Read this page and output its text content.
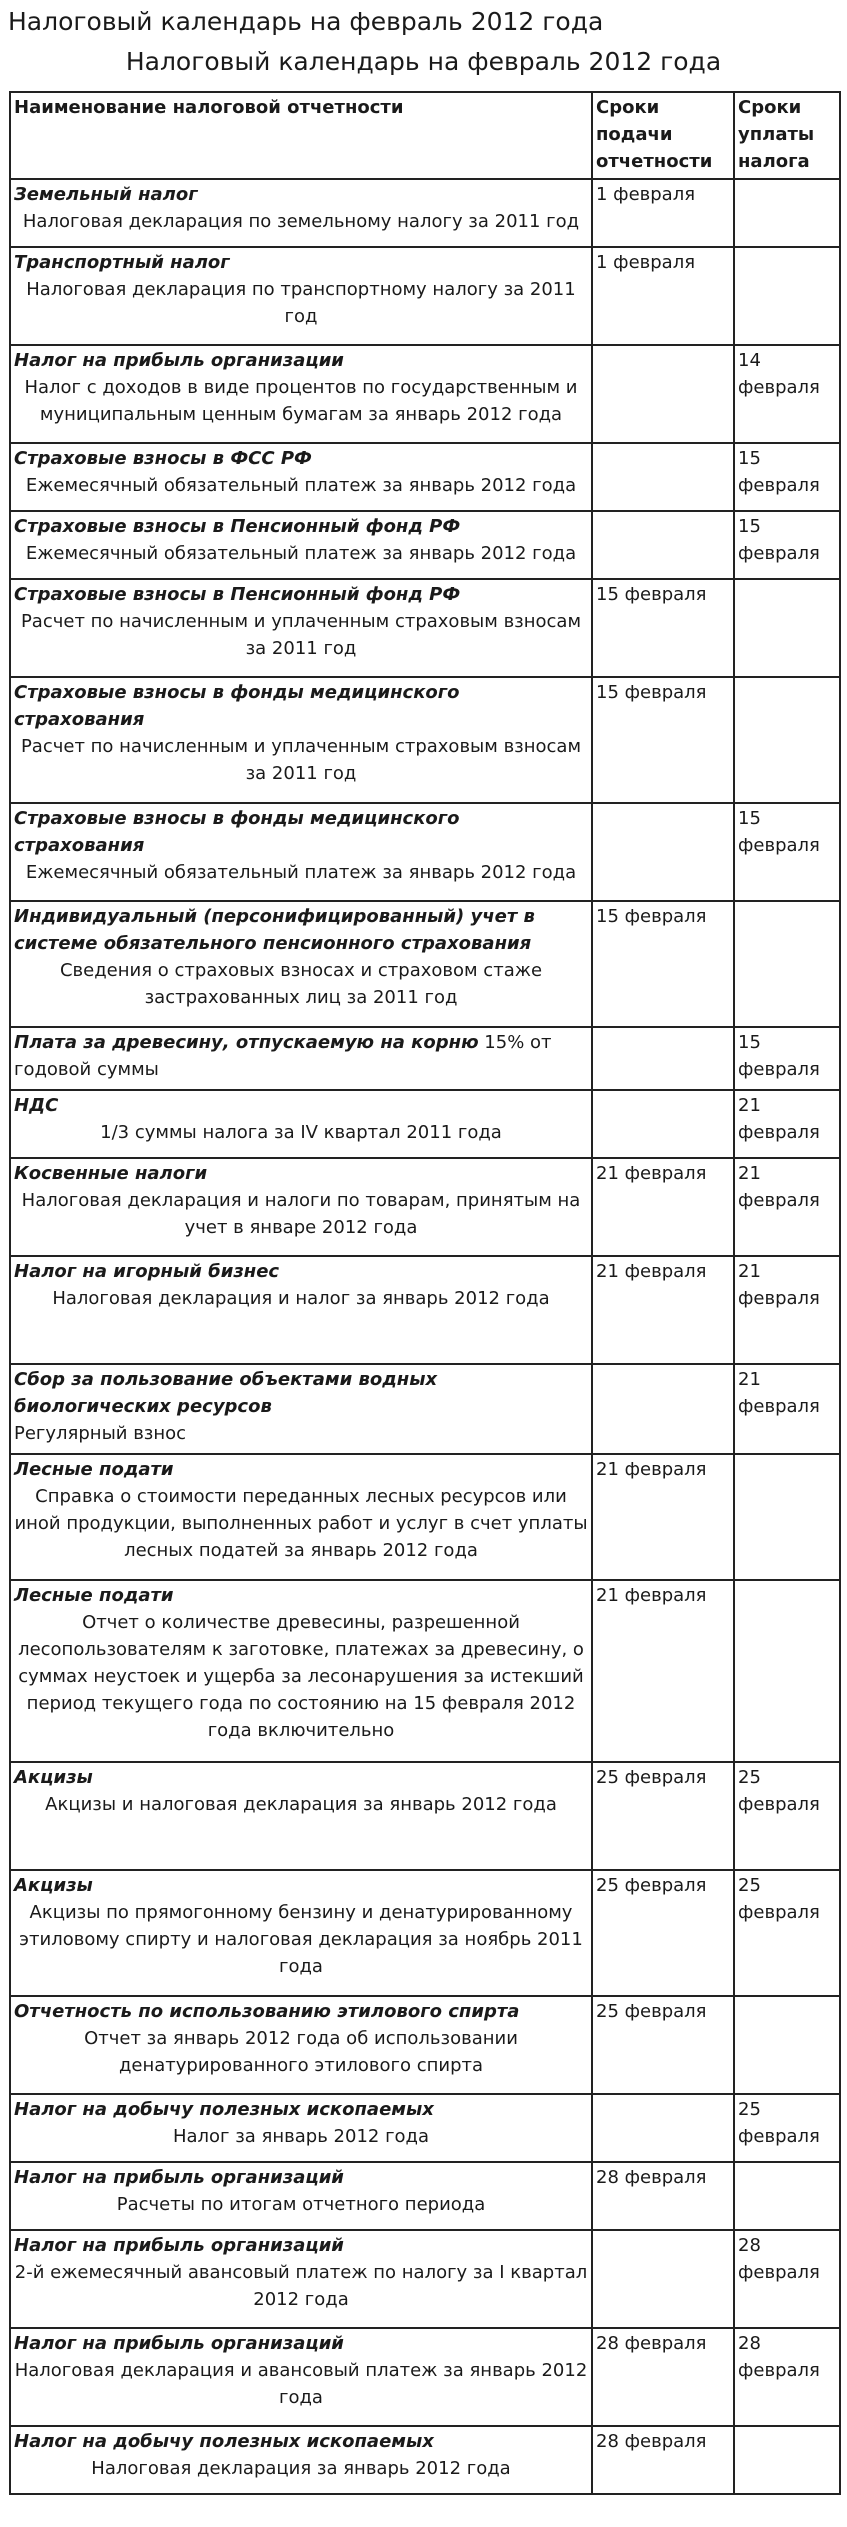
Налоговый календарь на февраль 2012 года
Налоговый календарь на февраль 2012 года
Наименование налоговой отчетности	Сроки подачи отчетности	Сроки уплаты налога

Земельный налог
Налоговая декларация по земельному налогу за 2011 год	1 февраля	

Транспортный налог
Налоговая декларация по транспортному налогу за 2011 год	1 февраля	

Налог на прибыль организации
Налог с доходов в виде процентов по государственным и муниципальным ценным бумагам за январь 2012 года		14 февраля

Страховые взносы в ФСС РФ
Ежемесячный обязательный платеж за январь 2012 года		15 февраля

Страховые взносы в Пенсионный фонд РФ
Ежемесячный обязательный платеж за январь 2012 года		15 февраля

Страховые взносы в Пенсионный фонд РФ
Расчет по начисленным и уплаченным страховым взносам за 2011 год	15 февраля	

Страховые взносы в фонды медицинского страхования
Расчет по начисленным и уплаченным страховым взносам за 2011 год	15 февраля	

Страховые взносы в фонды медицинского страхования
Ежемесячный обязательный платеж за январь 2012 года		15 февраля

Индивидуальный (персонифицированный) учет в системе обязательного пенсионного страхования
Сведения о страховых взносах и страховом стаже застрахованных лиц за 2011 год	15 февраля	

Плата за древесину, отпускаемую на корню 15% от годовой суммы		15 февраля

НДС
1/3 суммы налога за IV квартал 2011 года		21 февраля

Косвенные налоги
Налоговая декларация и налоги по товарам, принятым на учет в январе 2012 года	21 февраля	21 февраля

Налог на игорный бизнес
Налоговая декларация и налог за январь 2012 года	21 февраля	21 февраля

Сбор за пользование объектами водных биологических ресурсов
Регулярный взнос		21 февраля

Лесные подати
Справка о стоимости переданных лесных ресурсов или иной продукции, выполненных работ и услуг в счет уплаты лесных податей за январь 2012 года	21 февраля	

Лесные подати
Отчет о количестве древесины, разрешенной лесопользователям к заготовке, платежах за древесину, о суммах неустоек и ущерба за лесонарушения за истекший период текущего года по состоянию на 15 февраля 2012 года включительно	21 февраля	

Акцизы
Акцизы и налоговая декларация за январь 2012 года	25 февраля	25 февраля

Акцизы
Акцизы по прямогонному бензину и денатурированному этиловому спирту и налоговая декларация за ноябрь 2011 года	25 февраля	25 февраля

Отчетность по использованию этилового спирта
Отчет за январь 2012 года об использовании денатурированного этилового спирта	25 февраля	

Налог на добычу полезных ископаемых
Налог за январь 2012 года		25 февраля

Налог на прибыль организаций
Расчеты по итогам отчетного периода	28 февраля	

Налог на прибыль организаций
2-й ежемесячный авансовый платеж по налогу за I квартал 2012 года		28 февраля

Налог на прибыль организаций
Налоговая декларация и авансовый платеж за январь 2012 года	28 февраля	28 февраля

Налог на добычу полезных ископаемых
Налоговая декларация за январь 2012 года	28 февраля	
